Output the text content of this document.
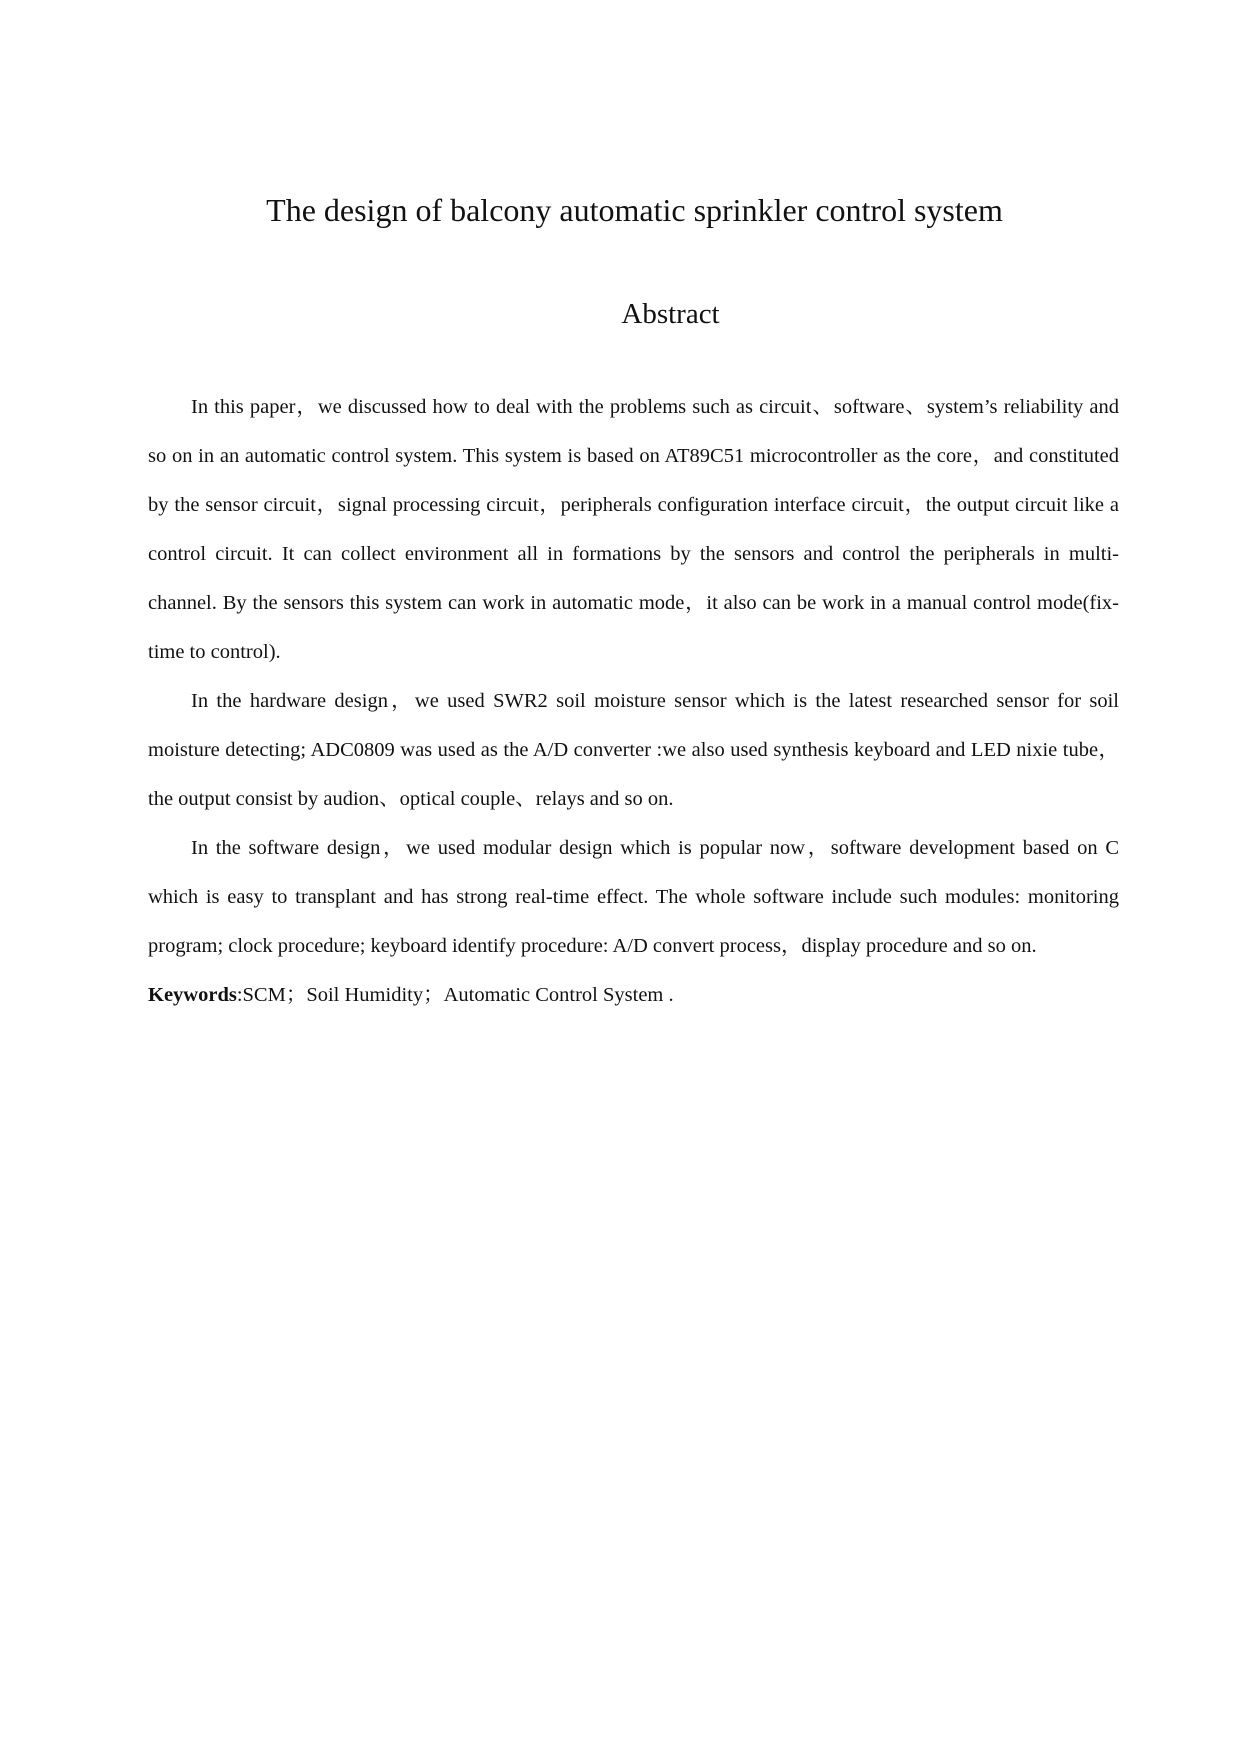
The design of balcony automatic sprinkler control system
Abstract

In this paper，we discussed how to deal with the problems such as circuit、software、system’s reliability and so on in an automatic control system. This system is based on AT89C51 microcontroller as the core，and constituted by the sensor circuit，signal processing circuit，peripherals configuration interface circuit，the output circuit like a control circuit. It can collect environment all in formations by the sensors and control the peripherals in multi-channel. By the sensors this system can work in automatic mode，it also can be work in a manual control mode(fix-time to control).

In the hardware design，we used SWR2 soil moisture sensor which is the latest researched sensor for soil moisture detecting; ADC0809 was used as the A/D converter :we also used synthesis keyboard and LED nixie tube，the output consist by audion、optical couple、relays and so on.

In the software design，we used modular design which is popular now，software development based on C which is easy to transplant and has strong real-time effect. The whole software include such modules: monitoring program; clock procedure; keyboard identify procedure: A/D convert process，display procedure and so on.

Keywords:SCM；Soil Humidity；Automatic Control System .
